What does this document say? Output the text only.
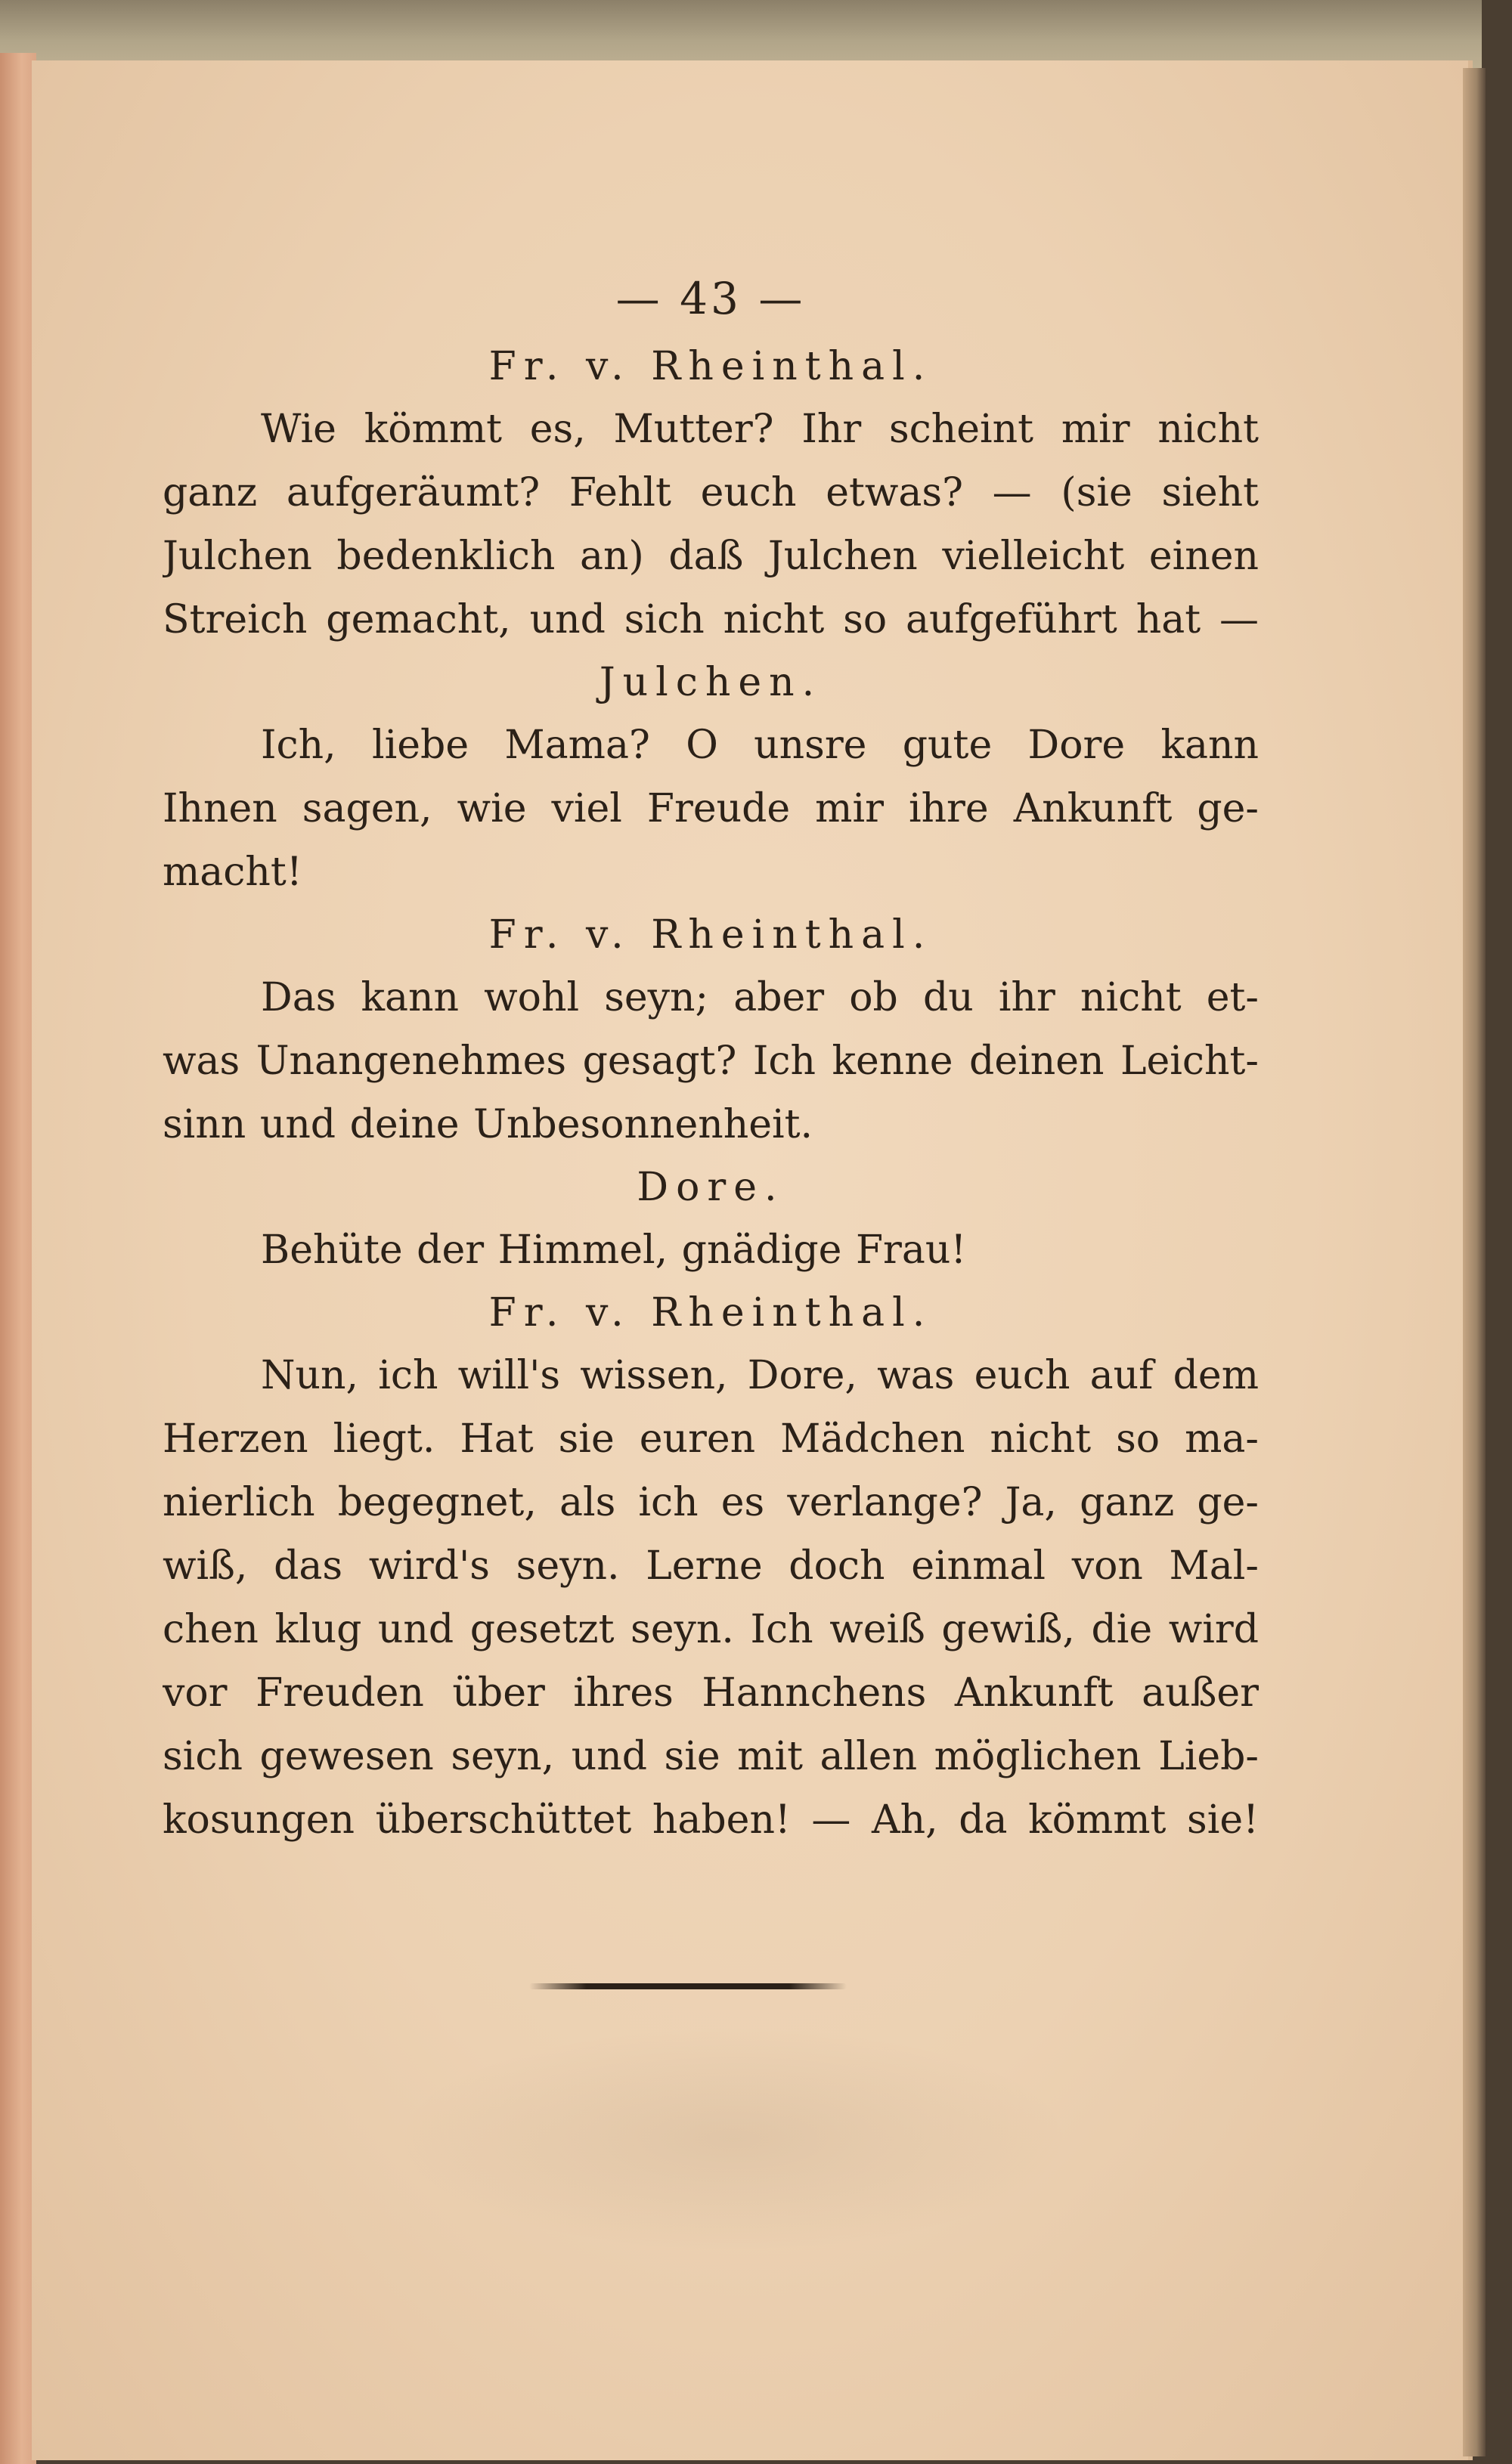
— 43 —
Fr. v. Rheinthal.
Wie kömmt es, Mutter? Ihr scheint mir nicht
ganz aufgeräumt? Fehlt euch etwas? — (sie sieht
Julchen bedenklich an) daß Julchen vielleicht einen
Streich gemacht, und sich nicht so aufgeführt hat —
Julchen.
Ich, liebe Mama? O unsre gute Dore kann
Ihnen sagen, wie viel Freude mir ihre Ankunft ge-
macht!
Fr. v. Rheinthal.
Das kann wohl seyn; aber ob du ihr nicht et-
was Unangenehmes gesagt? Ich kenne deinen Leicht-
sinn und deine Unbesonnenheit.
Dore.
Behüte der Himmel, gnädige Frau!
Fr. v. Rheinthal.
Nun, ich will's wissen, Dore, was euch auf dem
Herzen liegt. Hat sie euren Mädchen nicht so ma-
nierlich begegnet, als ich es verlange? Ja, ganz ge-
wiß, das wird's seyn. Lerne doch einmal von Mal-
chen klug und gesetzt seyn. Ich weiß gewiß, die wird
vor Freuden über ihres Hannchens Ankunft außer
sich gewesen seyn, und sie mit allen möglichen Lieb-
kosungen überschüttet haben! — Ah, da kömmt sie!
